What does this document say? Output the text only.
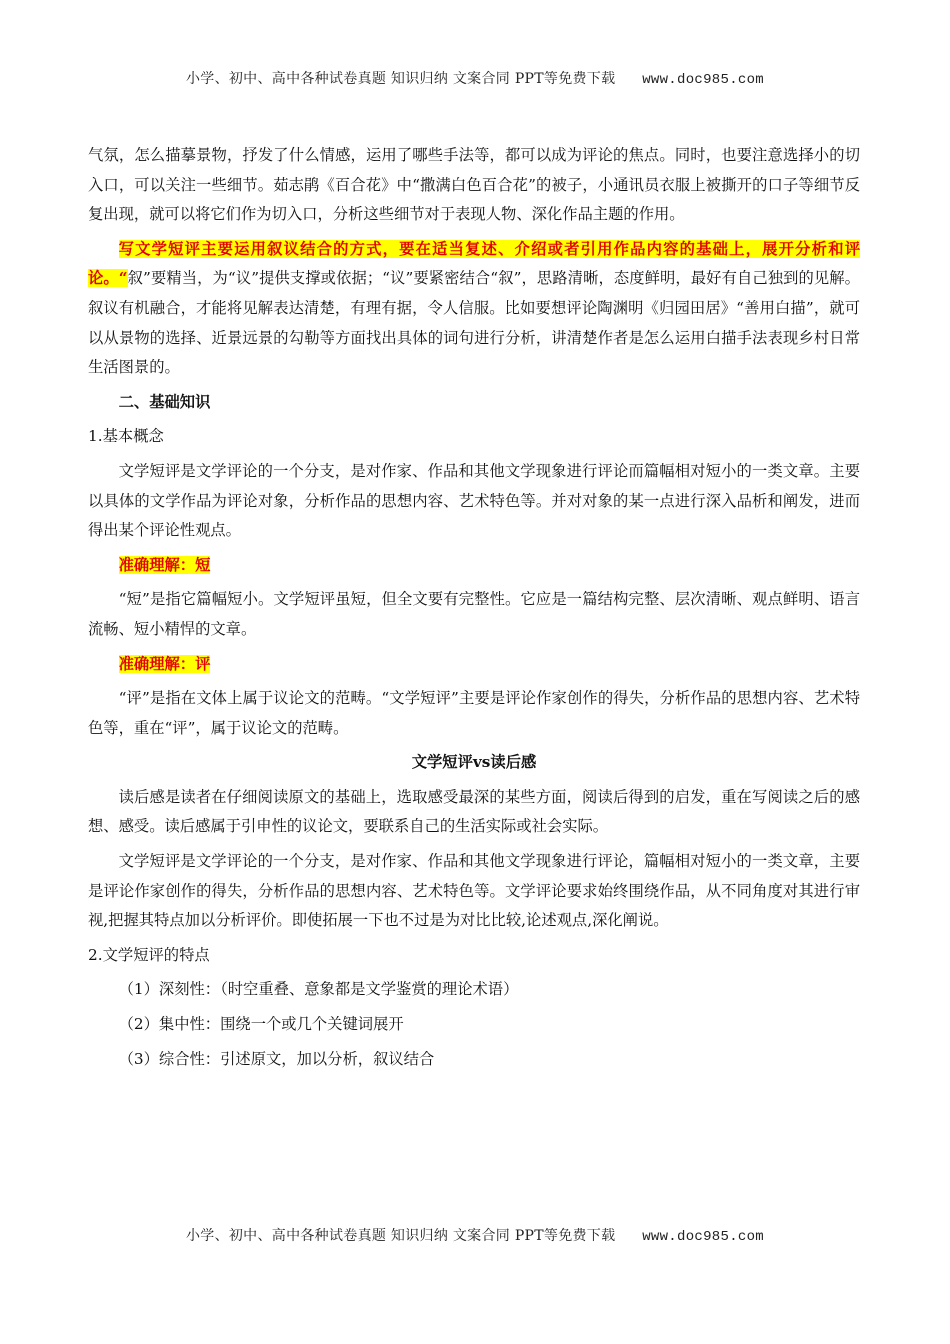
小学、初中、高中各种试卷真题 知识归纳 文案合同 PPT等免费下载 www.doc985.com

气氛，怎么描摹景物，抒发了什么情感，运用了哪些手法等，都可以成为评论的焦点。同时，也要注意选择小的切入口，可以关注一些细节。茹志鹃《百合花》中“撒满白色百合花”的被子，小通讯员衣服上被撕开的口子等细节反复出现，就可以将它们作为切入口，分析这些细节对于表现人物、深化作品主题的作用。

写文学短评主要运用叙议结合的方式，要在适当复述、介绍或者引用作品内容的基础上，展开分析和评论。“叙”要精当，为“议”提供支撑或依据；“议”要紧密结合“叙”，思路清晰，态度鲜明，最好有自己独到的见解。叙议有机融合，才能将见解表达清楚，有理有据，令人信服。比如要想评论陶渊明《归园田居》“善用白描”，就可以从景物的选择、近景远景的勾勒等方面找出具体的词句进行分析，讲清楚作者是怎么运用白描手法表现乡村日常生活图景的。

二、基础知识

1.基本概念

文学短评是文学评论的一个分支，是对作家、作品和其他文学现象进行评论而篇幅相对短小的一类文章。主要以具体的文学作品为评论对象，分析作品的思想内容、艺术特色等。并对对象的某一点进行深入品析和阐发，进而得出某个评论性观点。

准确理解：短

“短”是指它篇幅短小。文学短评虽短，但全文要有完整性。它应是一篇结构完整、层次清晰、观点鲜明、语言流畅、短小精悍的文章。

准确理解：评

“评”是指在文体上属于议论文的范畴。“文学短评”主要是评论作家创作的得失，分析作品的思想内容、艺术特色等，重在“评”，属于议论文的范畴。

文学短评vs读后感

读后感是读者在仔细阅读原文的基础上，选取感受最深的某些方面，阅读后得到的启发，重在写阅读之后的感想、感受。读后感属于引申性的议论文，要联系自己的生活实际或社会实际。

文学短评是文学评论的一个分支，是对作家、作品和其他文学现象进行评论，篇幅相对短小的一类文章，主要是评论作家创作的得失，分析作品的思想内容、艺术特色等。文学评论要求始终围绕作品，从不同角度对其进行审视,把握其特点加以分析评价。即使拓展一下也不过是为对比比较,论述观点,深化阐说。

2.文学短评的特点

（1）深刻性：（时空重叠、意象都是文学鉴赏的理论术语）

（2）集中性：围绕一个或几个关键词展开

（3）综合性：引述原文，加以分析，叙议结合

小学、初中、高中各种试卷真题 知识归纳 文案合同 PPT等免费下载 www.doc985.com
